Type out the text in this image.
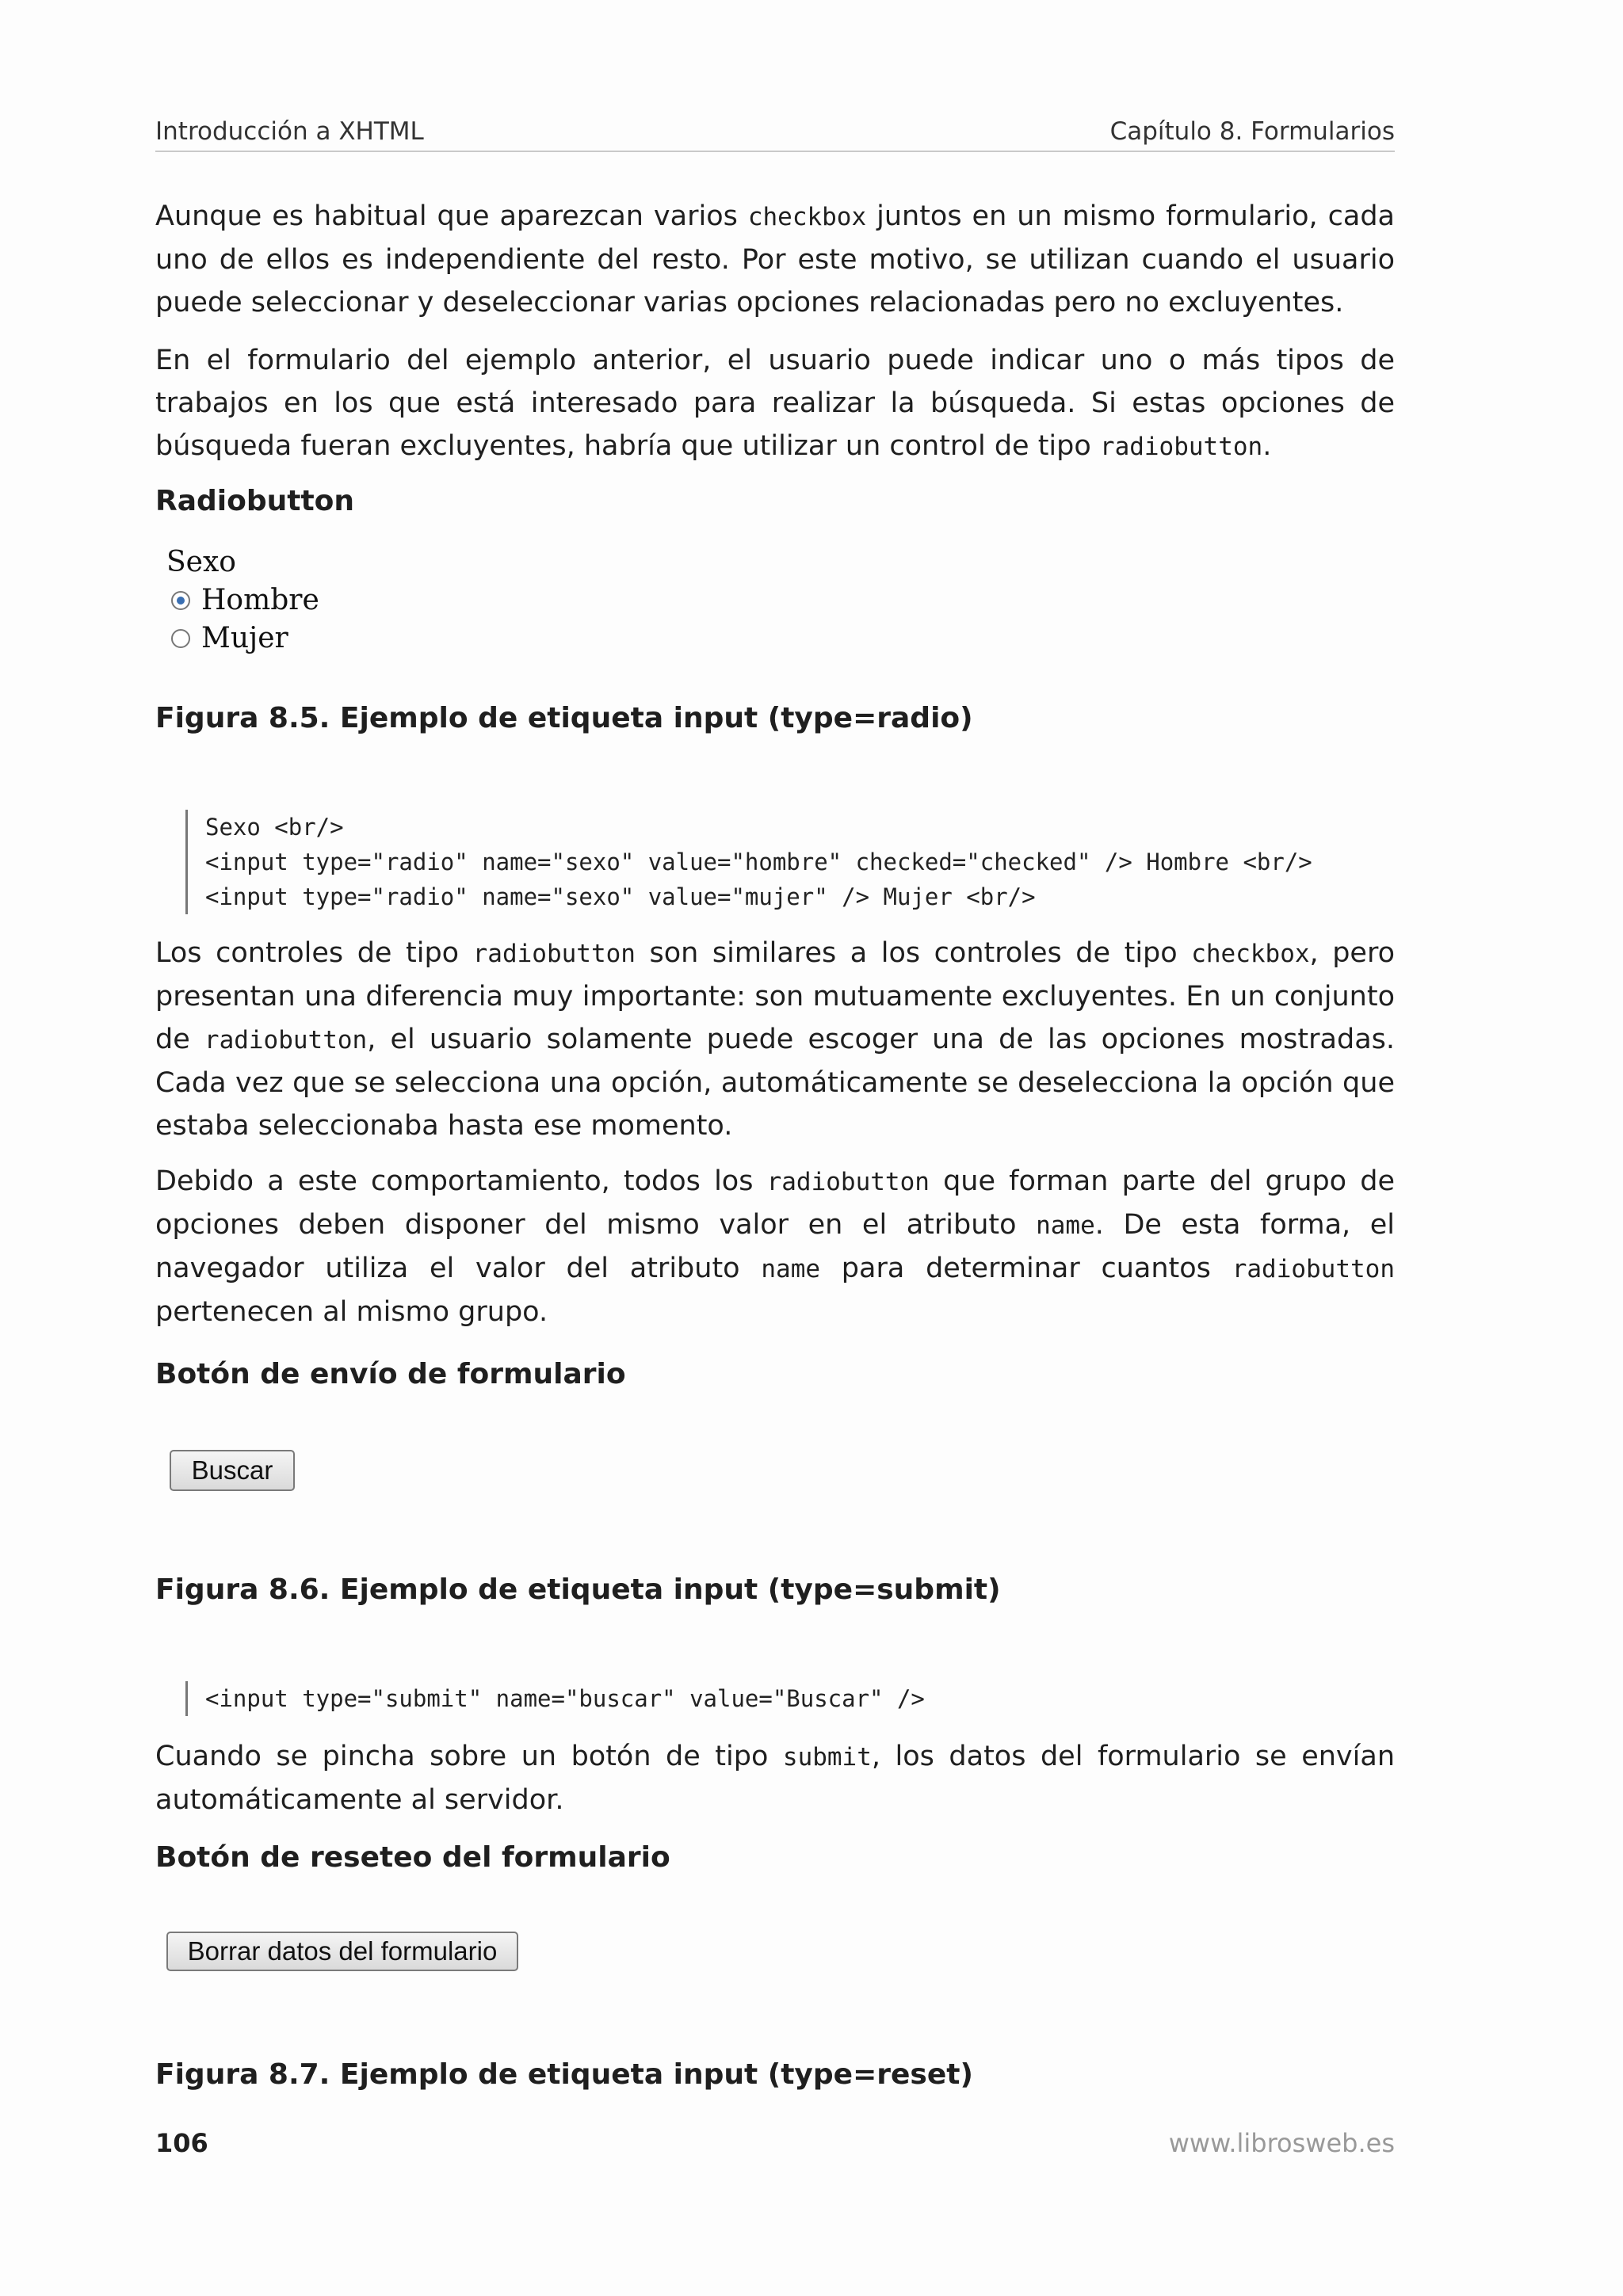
Introducción a XHTML	Capítulo 8. Formularios

Aunque es habitual que aparezcan varios checkbox juntos en un mismo formulario, cada uno de ellos es independiente del resto. Por este motivo, se utilizan cuando el usuario puede seleccionar y deseleccionar varias opciones relacionadas pero no excluyentes.

En el formulario del ejemplo anterior, el usuario puede indicar uno o más tipos de trabajos en los que está interesado para realizar la búsqueda. Si estas opciones de búsqueda fueran excluyentes, habría que utilizar un control de tipo radiobutton.

Radiobutton
Sexo
Hombre
Mujer

Figura 8.5. Ejemplo de etiqueta input (type=radio)

Sexo <br/>
<input type="radio" name="sexo" value="hombre" checked="checked" /> Hombre <br/>
<input type="radio" name="sexo" value="mujer" /> Mujer <br/>

Los controles de tipo radiobutton son similares a los controles de tipo checkbox, pero presentan una diferencia muy importante: son mutuamente excluyentes. En un conjunto de radiobutton, el usuario solamente puede escoger una de las opciones mostradas. Cada vez que se selecciona una opción, automáticamente se deselecciona la opción que estaba seleccionaba hasta ese momento.

Debido a este comportamiento, todos los radiobutton que forman parte del grupo de opciones deben disponer del mismo valor en el atributo name. De esta forma, el navegador utiliza el valor del atributo name para determinar cuantos radiobutton pertenecen al mismo grupo.

Botón de envío de formulario
Buscar

Figura 8.6. Ejemplo de etiqueta input (type=submit)

<input type="submit" name="buscar" value="Buscar" />

Cuando se pincha sobre un botón de tipo submit, los datos del formulario se envían automáticamente al servidor.

Botón de reseteo del formulario
Borrar datos del formulario

Figura 8.7. Ejemplo de etiqueta input (type=reset)

106	www.librosweb.es
